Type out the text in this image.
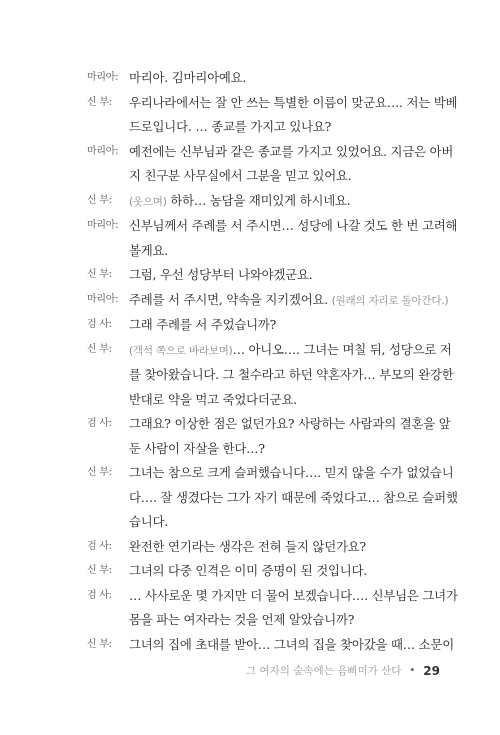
마리아: 마리아. 김마리아예요.
신 부:	우리나라에서는 잘 안 쓰는 특별한 이름이 맞군요…. 저는 박베
드로입니다. … 종교를 가지고 있나요?
마리아: 예전에는 신부님과 같은 종교를 가지고 있었어요. 지금은 아버
지 친구분 사무실에서 그분을 믿고 있어요.
신 부:	(웃으며) 하하… 농담을 재미있게 하시네요.
마리아: 신부님께서 주례를 서 주시면… 성당에 나갈 것도 한 번 고려해
볼게요.
신 부:	그럼, 우선 성당부터 나와야겠군요.
마리아: 주례를 서 주시면, 약속을 지키겠어요. (원래의 자리로 돌아간다.)
검 사:	그래 주례를 서 주었습니까?
신 부:	(객석 쪽으로 바라보며)… 아니오…. 그녀는 며칠 뒤, 성당으로 저
를 찾아왔습니다. 그 철수라고 하던 약혼자가… 부모의 완강한
반대로 약을 먹고 죽었다더군요.
검 사:	그래요? 이상한 점은 없던가요? 사랑하는 사람과의 결혼을 앞
둔 사람이 자살을 한다…?
신 부:	그녀는 참으로 크게 슬퍼했습니다…. 믿지 않을 수가 없었습니
다…. 잘 생겼다는 그가 자기 때문에 죽었다고… 참으로 슬퍼했
습니다.
검 사:	완전한 연기라는 생각은 전혀 들지 않던가요?
신 부:	그녀의 다중 인격은 이미 증명이 된 것입니다.
검 사:	… 사사로운 몇 가지만 더 물어 보겠습니다…. 신부님은 그녀가
몸을 파는 여자라는 것을 언제 알았습니까?
신 부:	그녀의 집에 초대를 받아… 그녀의 집을 찾아갔을 때… 소문이
그 여자의 숲속에는 음삐미가 산다 • 29
